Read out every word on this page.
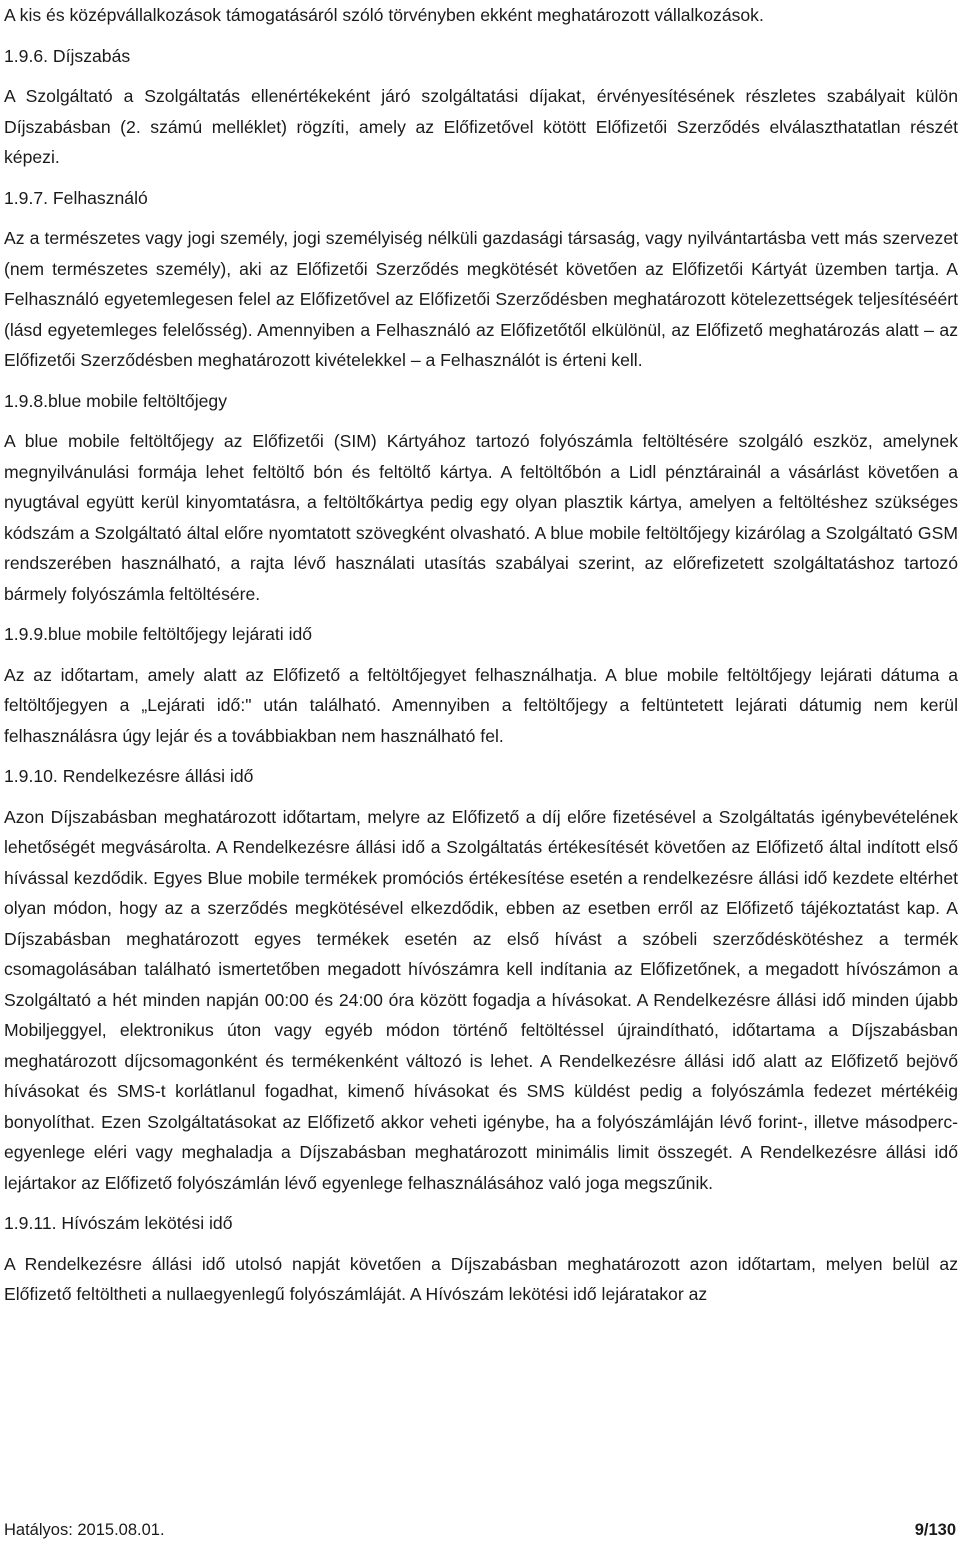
A kis és középvállalkozások támogatásáról szóló törvényben ekként meghatározott vállalkozások.

1.9.6. Díjszabás

A Szolgáltató a Szolgáltatás ellenértékeként járó szolgáltatási díjakat, érvényesítésének részletes szabályait külön Díjszabásban (2. számú melléklet) rögzíti, amely az Előfizetővel kötött Előfizetői Szerződés elválaszthatatlan részét képezi.

1.9.7. Felhasználó

Az a természetes vagy jogi személy, jogi személyiség nélküli gazdasági társaság, vagy nyilvántartásba vett más szervezet (nem természetes személy), aki az Előfizetői Szerződés megkötését követően az Előfizetői Kártyát üzemben tartja. A Felhasználó egyetemlegesen felel az Előfizetővel az Előfizetői Szerződésben meghatározott kötelezettségek teljesítéséért (lásd egyetemleges felelősség). Amennyiben a Felhasználó az Előfizetőtől elkülönül, az Előfizető meghatározás alatt – az Előfizetői Szerződésben meghatározott kivételekkel – a Felhasználót is érteni kell.

1.9.8.blue mobile feltöltőjegy

A blue mobile feltöltőjegy az Előfizetői (SIM) Kártyához tartozó folyószámla feltöltésére szolgáló eszköz, amelynek megnyilvánulási formája lehet feltöltő bón és feltöltő kártya. A feltöltőbón a Lidl pénztárainál a vásárlást követően a nyugtával együtt kerül kinyomtatásra, a feltöltőkártya pedig egy olyan plasztik kártya, amelyen a feltöltéshez szükséges kódszám a Szolgáltató által előre nyomtatott szövegként olvasható. A blue mobile feltöltőjegy kizárólag a Szolgáltató GSM rendszerében használható, a rajta lévő használati utasítás szabályai szerint, az előrefizetett szolgáltatáshoz tartozó bármely folyószámla feltöltésére.

1.9.9.blue mobile feltöltőjegy lejárati idő

Az az időtartam, amely alatt az Előfizető a feltöltőjegyet felhasználhatja. A blue mobile feltöltőjegy lejárati dátuma a feltöltőjegyen a „Lejárati idő:" után található. Amennyiben a feltöltőjegy a feltüntetett lejárati dátumig nem kerül felhasználásra úgy lejár és a továbbiakban nem használható fel.

1.9.10. Rendelkezésre állási idő

Azon Díjszabásban meghatározott időtartam, melyre az Előfizető a díj előre fizetésével a Szolgáltatás igénybevételének lehetőségét megvásárolta. A Rendelkezésre állási idő a Szolgáltatás értékesítését követően az Előfizető által indított első hívással kezdődik. Egyes Blue mobile termékek promóciós értékesítése esetén a rendelkezésre állási idő kezdete eltérhet olyan módon, hogy az a szerződés megkötésével elkezdődik, ebben az esetben erről az Előfizető tájékoztatást kap. A Díjszabásban meghatározott egyes termékek esetén az első hívást a szóbeli szerződéskötéshez a termék csomagolásában található ismertetőben megadott hívószámra kell indítania az Előfizetőnek, a megadott hívószámon a Szolgáltató a hét minden napján 00:00 és 24:00 óra között fogadja a hívásokat. A Rendelkezésre állási idő minden újabb Mobiljeggyel, elektronikus úton vagy egyéb módon történő feltöltéssel újraindítható, időtartama a Díjszabásban meghatározott díjcsomagonként és termékenként változó is lehet. A Rendelkezésre állási idő alatt az Előfizető bejövő hívásokat és SMS-t korlátlanul fogadhat, kimenő hívásokat és SMS küldést pedig a folyószámla fedezet mértékéig bonyolíthat. Ezen Szolgáltatásokat az Előfizető akkor veheti igénybe, ha a folyószámláján lévő forint-, illetve másodperc-egyenlege eléri vagy meghaladja a Díjszabásban meghatározott minimális limit összegét. A Rendelkezésre állási idő lejártakor az Előfizető folyószámlán lévő egyenlege felhasználásához való joga megszűnik.

1.9.11. Hívószám lekötési idő

A Rendelkezésre állási idő utolsó napját követően a Díjszabásban meghatározott azon időtartam, melyen belül az Előfizető feltöltheti a nullaegyenlegű folyószámláját. A Hívószám lekötési idő lejáratakor az

Hatályos: 2015.08.01.	9/130
